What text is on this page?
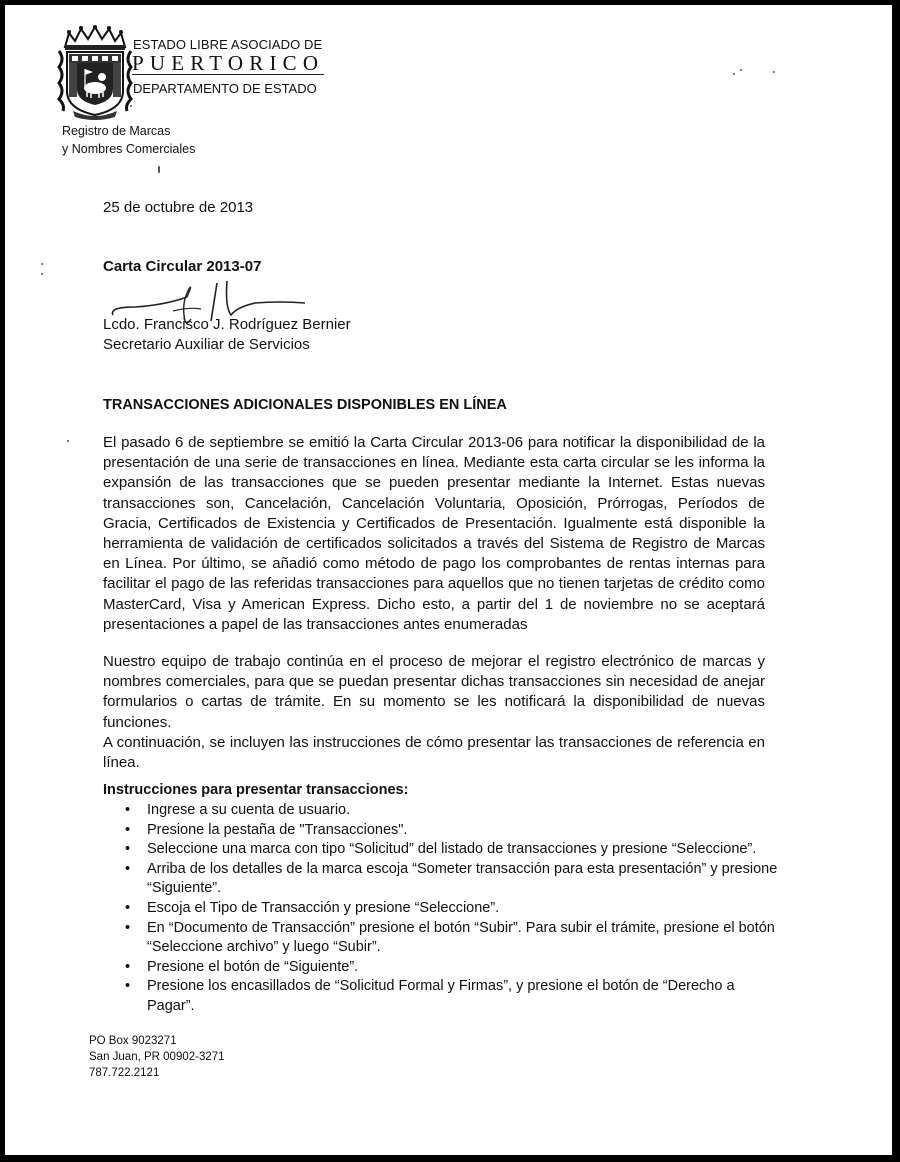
ESTADO LIBRE ASOCIADO DE
PUERTORICO
DEPARTAMENTO DE ESTADO
Registro de Marcas
y Nombres Comerciales
25 de octubre de 2013
Carta Circular 2013-07
Lcdo. Francisco J. Rodríguez Bernier
Secretario Auxiliar de Servicios
TRANSACCIONES ADICIONALES DISPONIBLES EN LÍNEA
El pasado 6 de septiembre se emitió la Carta Circular 2013-06 para notificar la disponibilidad de la presentación de una serie de transacciones en línea. Mediante esta carta circular se les informa la expansión de las transacciones que se pueden presentar mediante la Internet. Estas nuevas transacciones son, Cancelación, Cancelación Voluntaria, Oposición, Prórrogas, Períodos de Gracia, Certificados de Existencia y Certificados de Presentación. Igualmente está disponible la herramienta de validación de certificados solicitados a través del Sistema de Registro de Marcas en Línea. Por último, se añadió como método de pago los comprobantes de rentas internas para facilitar el pago de las referidas transacciones para aquellos que no tienen tarjetas de crédito como MasterCard, Visa y American Express. Dicho esto, a partir del 1 de noviembre no se aceptará presentaciones a papel de las transacciones antes enumeradas
Nuestro equipo de trabajo continúa en el proceso de mejorar el registro electrónico de marcas y nombres comerciales, para que se puedan presentar dichas transacciones sin necesidad de anejar formularios o cartas de trámite. En su momento se les notificará la disponibilidad de nuevas funciones.
A continuación, se incluyen las instrucciones de cómo presentar las transacciones de referencia en línea.
Instrucciones para presentar transacciones:
• Ingrese a su cuenta de usuario.
• Presione la pestaña de "Transacciones".
• Seleccione una marca con tipo “Solicitud” del listado de transacciones y presione “Seleccione”.
• Arriba de los detalles de la marca escoja “Someter transacción para esta presentación” y presione “Siguiente”.
• Escoja el Tipo de Transacción y presione “Seleccione”.
• En “Documento de Transacción” presione el botón “Subir”. Para subir el trámite, presione el botón “Seleccione archivo” y luego “Subir”.
• Presione el botón de “Siguiente”.
• Presione los encasillados de “Solicitud Formal y Firmas”, y presione el botón de “Derecho a Pagar”.
PO Box 9023271
San Juan, PR 00902-3271
787.722.2121
